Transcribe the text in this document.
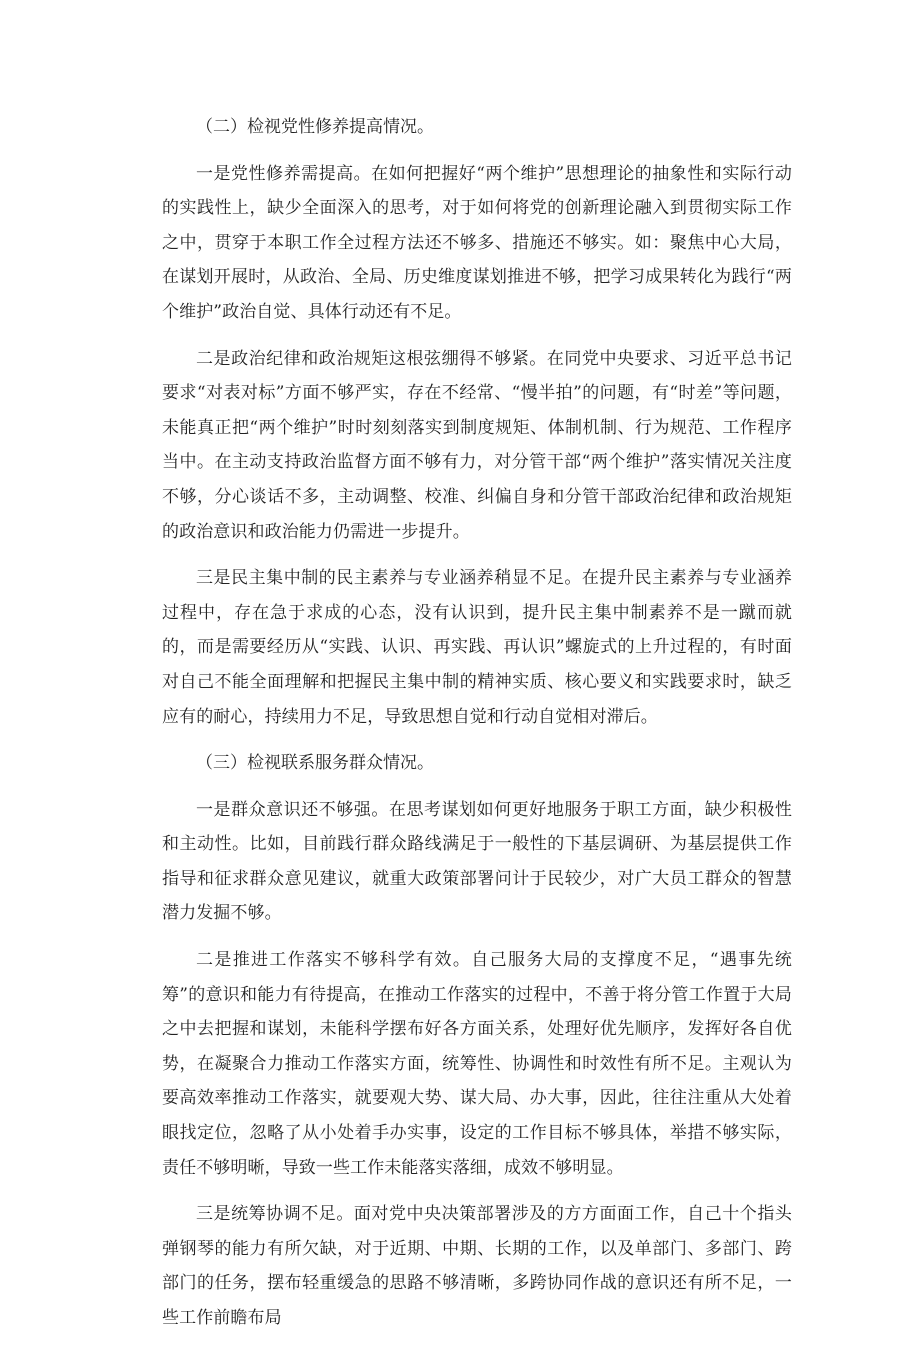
（二）检视党性修养提高情况。

一是党性修养需提高。在如何把握好“两个维护”思想理论的抽象性和实际行动的实践性上，缺少全面深入的思考，对于如何将党的创新理论融入到贯彻实际工作之中，贯穿于本职工作全过程方法还不够多、措施还不够实。如：聚焦中心大局，在谋划开展时，从政治、全局、历史维度谋划推进不够，把学习成果转化为践行“两个维护”政治自觉、具体行动还有不足。

二是政治纪律和政治规矩这根弦绷得不够紧。在同党中央要求、习近平总书记要求“对表对标”方面不够严实，存在不经常、“慢半拍”的问题，有“时差”等问题，未能真正把“两个维护”时时刻刻落实到制度规矩、体制机制、行为规范、工作程序当中。在主动支持政治监督方面不够有力，对分管干部“两个维护”落实情况关注度不够，分心谈话不多，主动调整、校准、纠偏自身和分管干部政治纪律和政治规矩的政治意识和政治能力仍需进一步提升。

三是民主集中制的民主素养与专业涵养稍显不足。在提升民主素养与专业涵养过程中，存在急于求成的心态，没有认识到，提升民主集中制素养不是一蹴而就的，而是需要经历从“实践、认识、再实践、再认识”螺旋式的上升过程的，有时面对自己不能全面理解和把握民主集中制的精神实质、核心要义和实践要求时，缺乏应有的耐心，持续用力不足，导致思想自觉和行动自觉相对滞后。

（三）检视联系服务群众情况。

一是群众意识还不够强。在思考谋划如何更好地服务于职工方面，缺少积极性和主动性。比如，目前践行群众路线满足于一般性的下基层调研、为基层提供工作指导和征求群众意见建议，就重大政策部署问计于民较少，对广大员工群众的智慧潜力发掘不够。

二是推进工作落实不够科学有效。自己服务大局的支撑度不足，“遇事先统筹”的意识和能力有待提高，在推动工作落实的过程中，不善于将分管工作置于大局之中去把握和谋划，未能科学摆布好各方面关系，处理好优先顺序，发挥好各自优势，在凝聚合力推动工作落实方面，统筹性、协调性和时效性有所不足。主观认为要高效率推动工作落实，就要观大势、谋大局、办大事，因此，往往注重从大处着眼找定位，忽略了从小处着手办实事，设定的工作目标不够具体，举措不够实际，责任不够明晰，导致一些工作未能落实落细，成效不够明显。

三是统筹协调不足。面对党中央决策部署涉及的方方面面工作，自己十个指头弹钢琴的能力有所欠缺，对于近期、中期、长期的工作，以及单部门、多部门、跨部门的任务，摆布轻重缓急的思路不够清晰，多跨协同作战的意识还有所不足，一些工作前瞻布局
